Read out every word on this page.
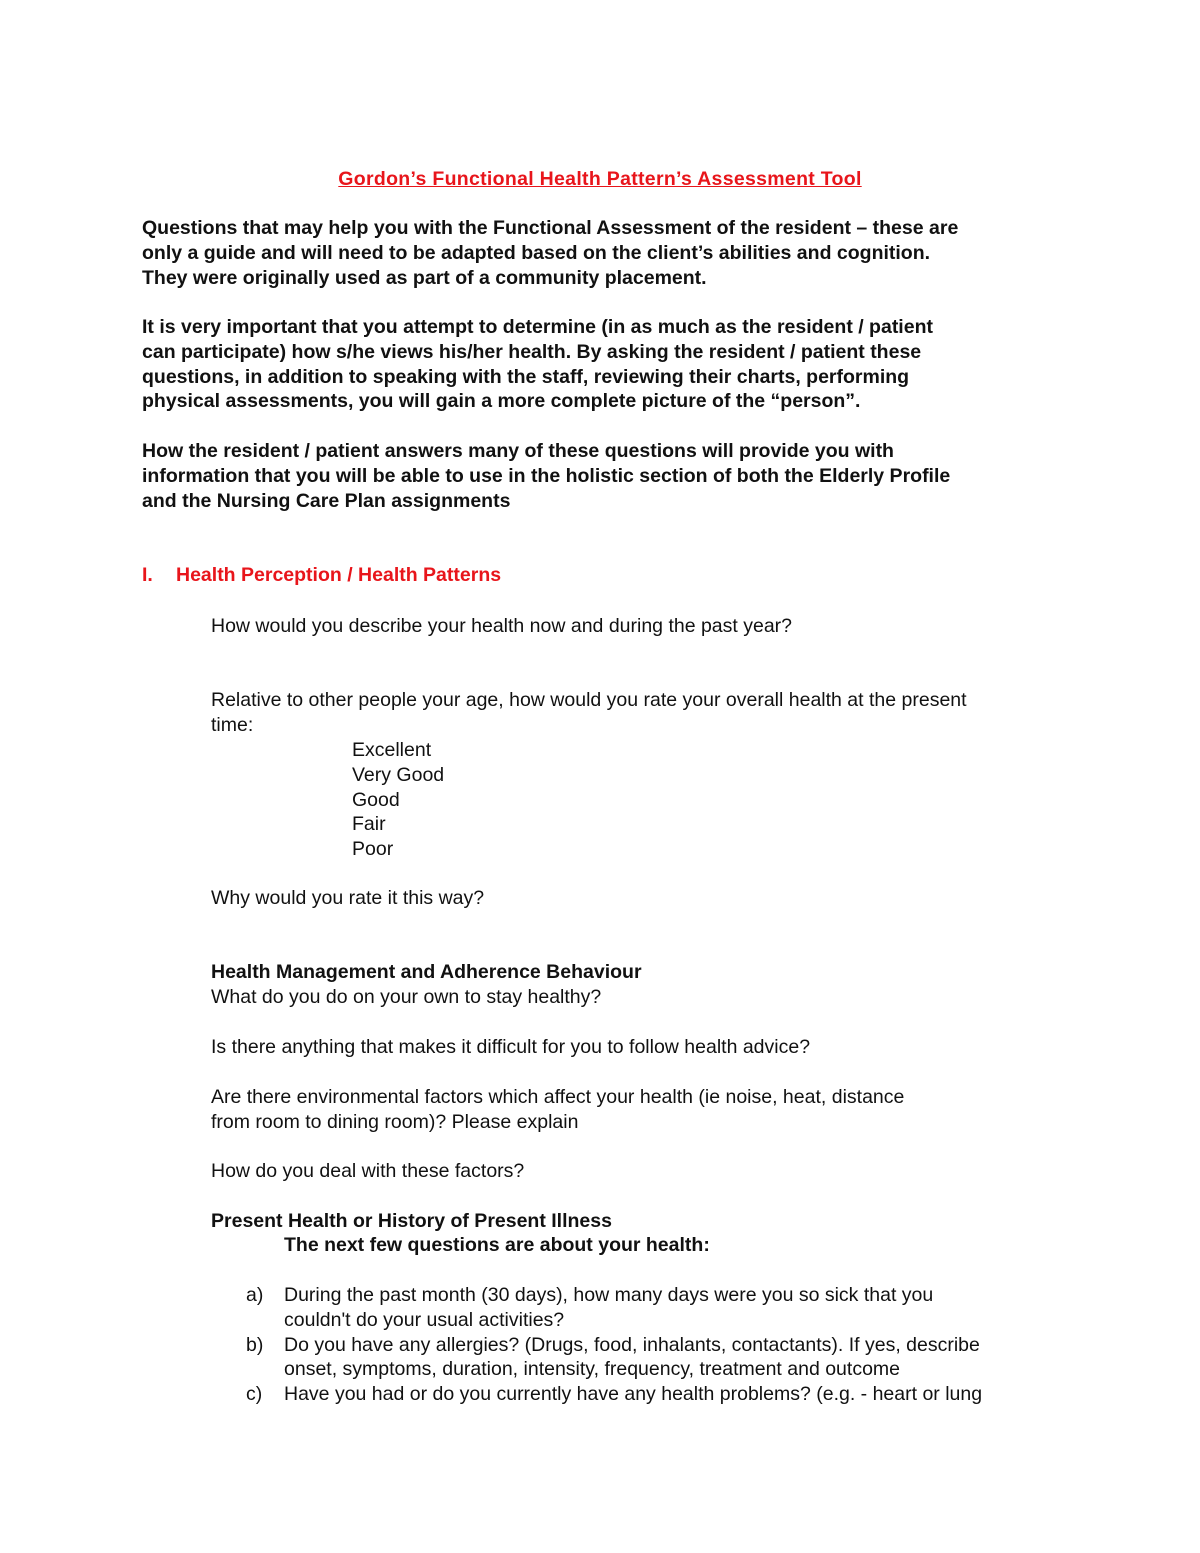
Gordon’s Functional Health Pattern’s Assessment Tool

Questions that may help you with the Functional Assessment of the resident – these are

only a guide and will need to be adapted based on the client’s abilities and cognition.

They were originally used as part of a community placement.

It is very important that you attempt to determine (in as much as the resident / patient

can participate) how s/he views his/her health. By asking the resident / patient these

questions, in addition to speaking with the staff, reviewing their charts, performing

physical assessments, you will gain a more complete picture of the “person”.

How the resident / patient answers many of these questions will provide you with

information that you will be able to use in the holistic section of both the Elderly Profile

and the Nursing Care Plan assignments

I. Health Perception / Health Patterns

How would you describe your health now and during the past year?

Relative to other people your age, how would you rate your overall health at the present

time:

Excellent
Very Good
Good
Fair
Poor

Why would you rate it this way?

Health Management and Adherence Behaviour

What do you do on your own to stay healthy?

Is there anything that makes it difficult for you to follow health advice?

Are there environmental factors which affect your health (ie noise, heat, distance

from room to dining room)? Please explain

How do you deal with these factors?

Present Health or History of Present Illness

The next few questions are about your health:
a)	During the past month (30 days), how many days were you so sick that you
couldn't do your usual activities?
b)	Do you have any allergies? (Drugs, food, inhalants, contactants). If yes, describe
onset, symptoms, duration, intensity, frequency, treatment and outcome
c)	Have you had or do you currently have any health problems? (e.g. - heart or lung
